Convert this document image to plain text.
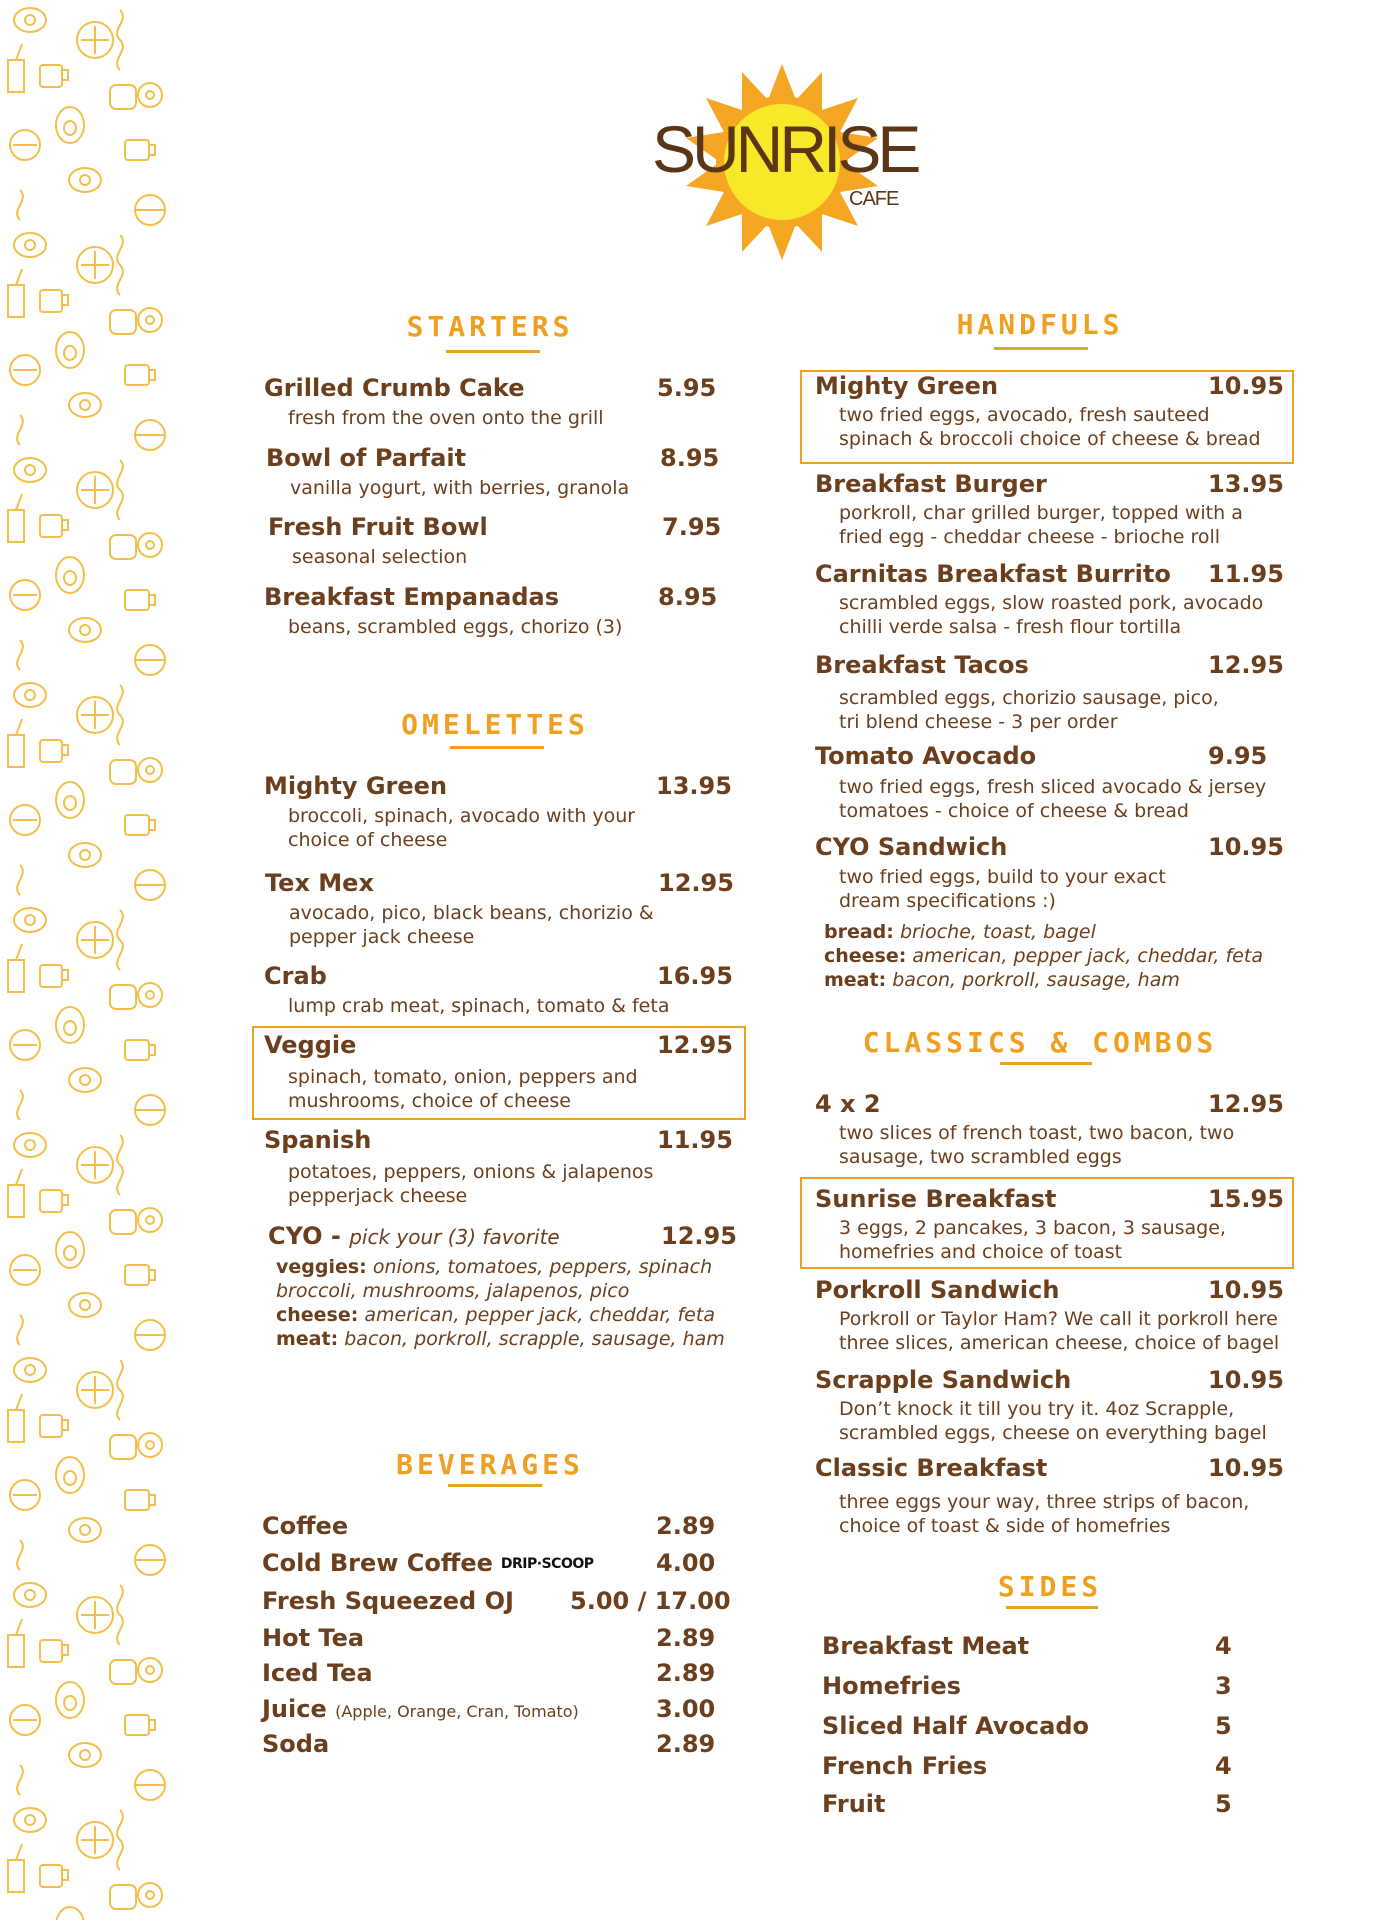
SUNRISE
CAFE
STARTERS
Grilled Crumb Cake	5.95
fresh from the oven onto the grill
Bowl of Parfait	8.95
vanilla yogurt, with berries, granola
Fresh Fruit Bowl	7.95
seasonal selection
Breakfast Empanadas	8.95
beans, scrambled eggs, chorizo (3)
OMELETTES
Mighty Green	13.95
broccoli, spinach, avocado with your
choice of cheese
Tex Mex	12.95
avocado, pico, black beans, chorizio &
pepper jack cheese
Crab	16.95
lump crab meat, spinach, tomato & feta
Veggie	12.95
spinach, tomato, onion, peppers and
mushrooms, choice of cheese
Spanish	11.95
potatoes, peppers, onions & jalapenos
pepperjack cheese
CYO - pick your (3) favorite	12.95
veggies: onions, tomatoes, peppers, spinach
broccoli, mushrooms, jalapenos, pico
cheese: american, pepper jack, cheddar, feta
meat: bacon, porkroll, scrapple, sausage, ham
BEVERAGES
Coffee	2.89
Cold Brew Coffee DRIP·SCOOP	4.00
Fresh Squeezed OJ 5.00 / 17.00
Hot Tea	2.89
Iced Tea	2.89
Juice (Apple, Orange, Cran, Tomato)	3.00
Soda	2.89
HANDFULS
Mighty Green	10.95
two fried eggs, avocado, fresh sauteed
spinach & broccoli choice of cheese & bread
Breakfast Burger	13.95
porkroll, char grilled burger, topped with a
fried egg - cheddar cheese - brioche roll
Carnitas Breakfast Burrito 11.95
scrambled eggs, slow roasted pork, avocado
chilli verde salsa - fresh flour tortilla
Breakfast Tacos	12.95
scrambled eggs, chorizio sausage, pico,
tri blend cheese - 3 per order
Tomato Avocado	9.95
two fried eggs, fresh sliced avocado & jersey
tomatoes - choice of cheese & bread
CYO Sandwich	10.95
two fried eggs, build to your exact
dream specifications :)
bread: brioche, toast, bagel
cheese: american, pepper jack, cheddar, feta
meat: bacon, porkroll, sausage, ham
CLASSICS & COMBOS
4 x 2	12.95
two slices of french toast, two bacon, two
sausage, two scrambled eggs
Sunrise Breakfast	15.95
3 eggs, 2 pancakes, 3 bacon, 3 sausage,
homefries and choice of toast
Porkroll Sandwich	10.95
Porkroll or Taylor Ham? We call it porkroll here
three slices, american cheese, choice of bagel
Scrapple Sandwich	10.95
Don’t knock it till you try it. 4oz Scrapple,
scrambled eggs, cheese on everything bagel
Classic Breakfast	10.95
three eggs your way, three strips of bacon,
choice of toast & side of homefries
SIDES
Breakfast Meat	4
Homefries	3
Sliced Half Avocado	5
French Fries	4
Fruit	5
